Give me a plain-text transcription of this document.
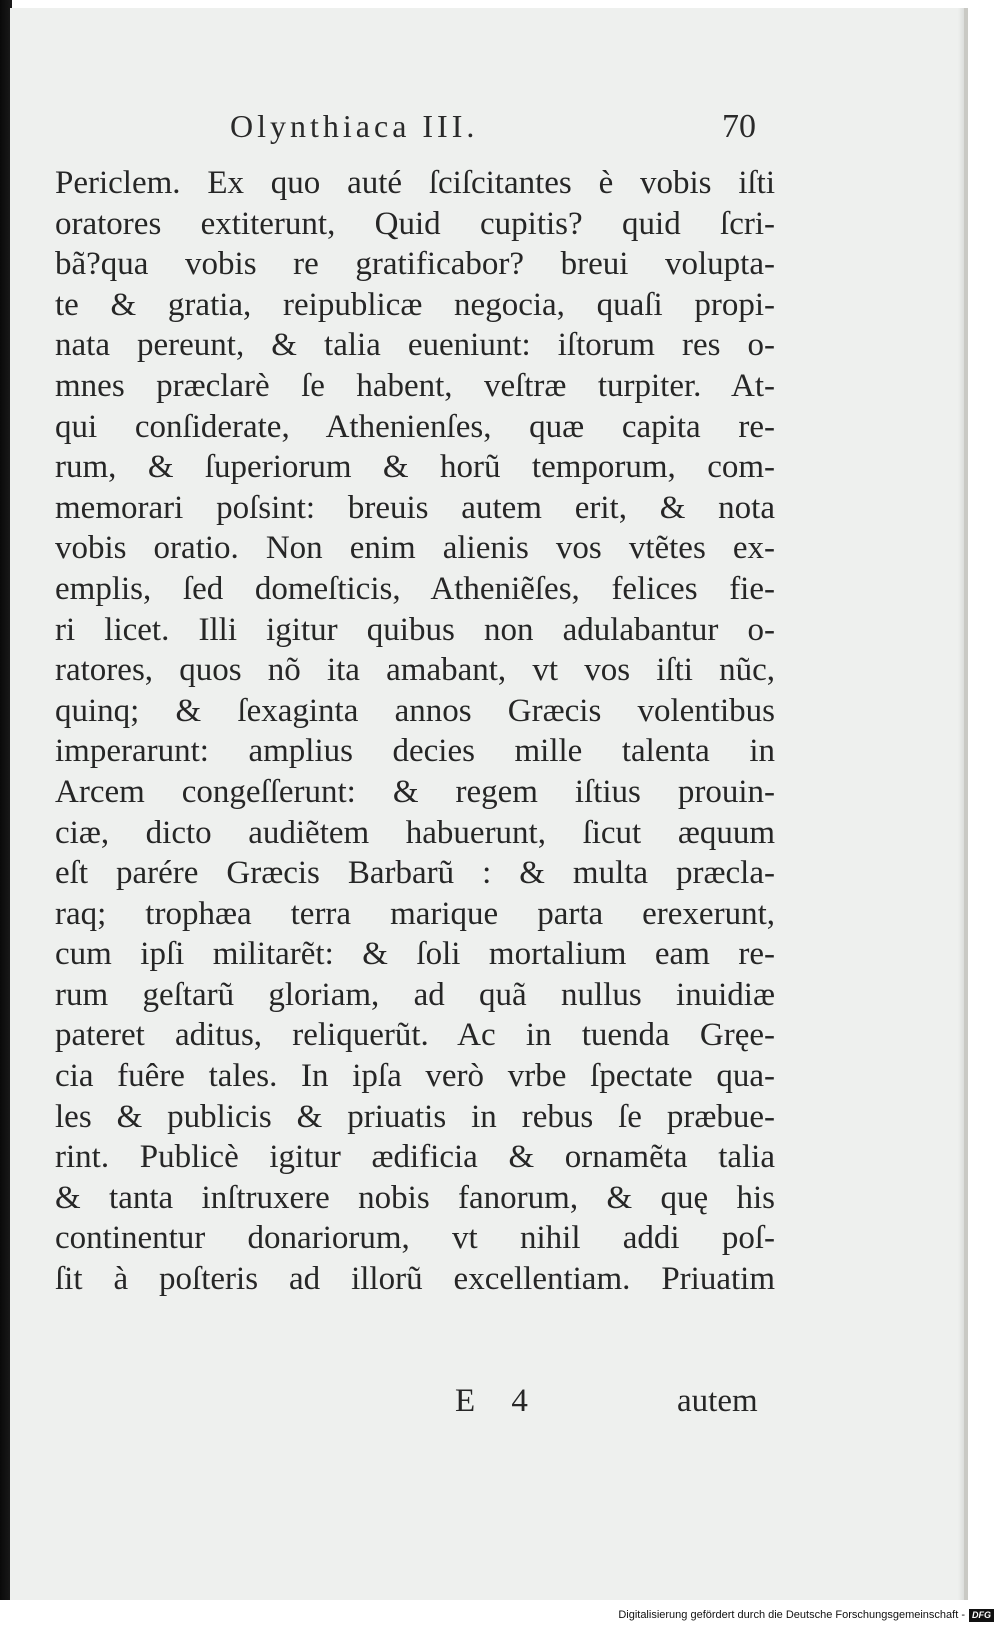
Olynthiaca III.	70
Periclem. Ex quo auté ſciſcitantes è vobis iſti
oratores extiterunt, Quid cupitis? quid ſcri-
bã?qua vobis re gratificabor? breui volupta-
te & gratia, reipublicæ negocia, quaſi propi-
nata pereunt, & talia eueniunt: iſtorum res o-
mnes præclarè ſe habent, veſtræ turpiter. At-
qui conſiderate, Athenienſes, quæ capita re-
rum, & ſuperiorum & horũ temporum, com-
memorari poſsint: breuis autem erit, & nota
vobis oratio. Non enim alienis vos vtẽtes ex-
emplis, ſed domeſticis, Atheniẽſes, felices fie-
ri licet. Illi igitur quibus non adulabantur o-
ratores, quos nõ ita amabant, vt vos iſti nũc,
quinq; & ſexaginta annos Græcis volentibus
imperarunt: amplius decies mille talenta in
Arcem congeſſerunt: & regem iſtius prouin-
ciæ, dicto audiẽtem habuerunt, ſicut æquum
eſt parére Græcis Barbarũ : & multa præcla-
raq; trophæa terra marique parta erexerunt,
cum ipſi militarẽt: & ſoli mortalium eam re-
rum geſtarũ gloriam, ad quã nullus inuidiæ
pateret aditus, reliquerũt. Ac in tuenda Gręe-
cia fuêre tales. In ipſa verò vrbe ſpectate qua-
les & publicis & priuatis in rebus ſe præbue-
rint. Publicè igitur ædificia & ornamẽta talia
& tanta inſtruxere nobis fanorum, & quę his
continentur donariorum, vt nihil addi poſ-
ſit à poſteris ad illorũ excellentiam. Priuatim
E 4	autem
Digitalisierung gefördert durch die Deutsche Forschungsgemeinschaft - DFG
